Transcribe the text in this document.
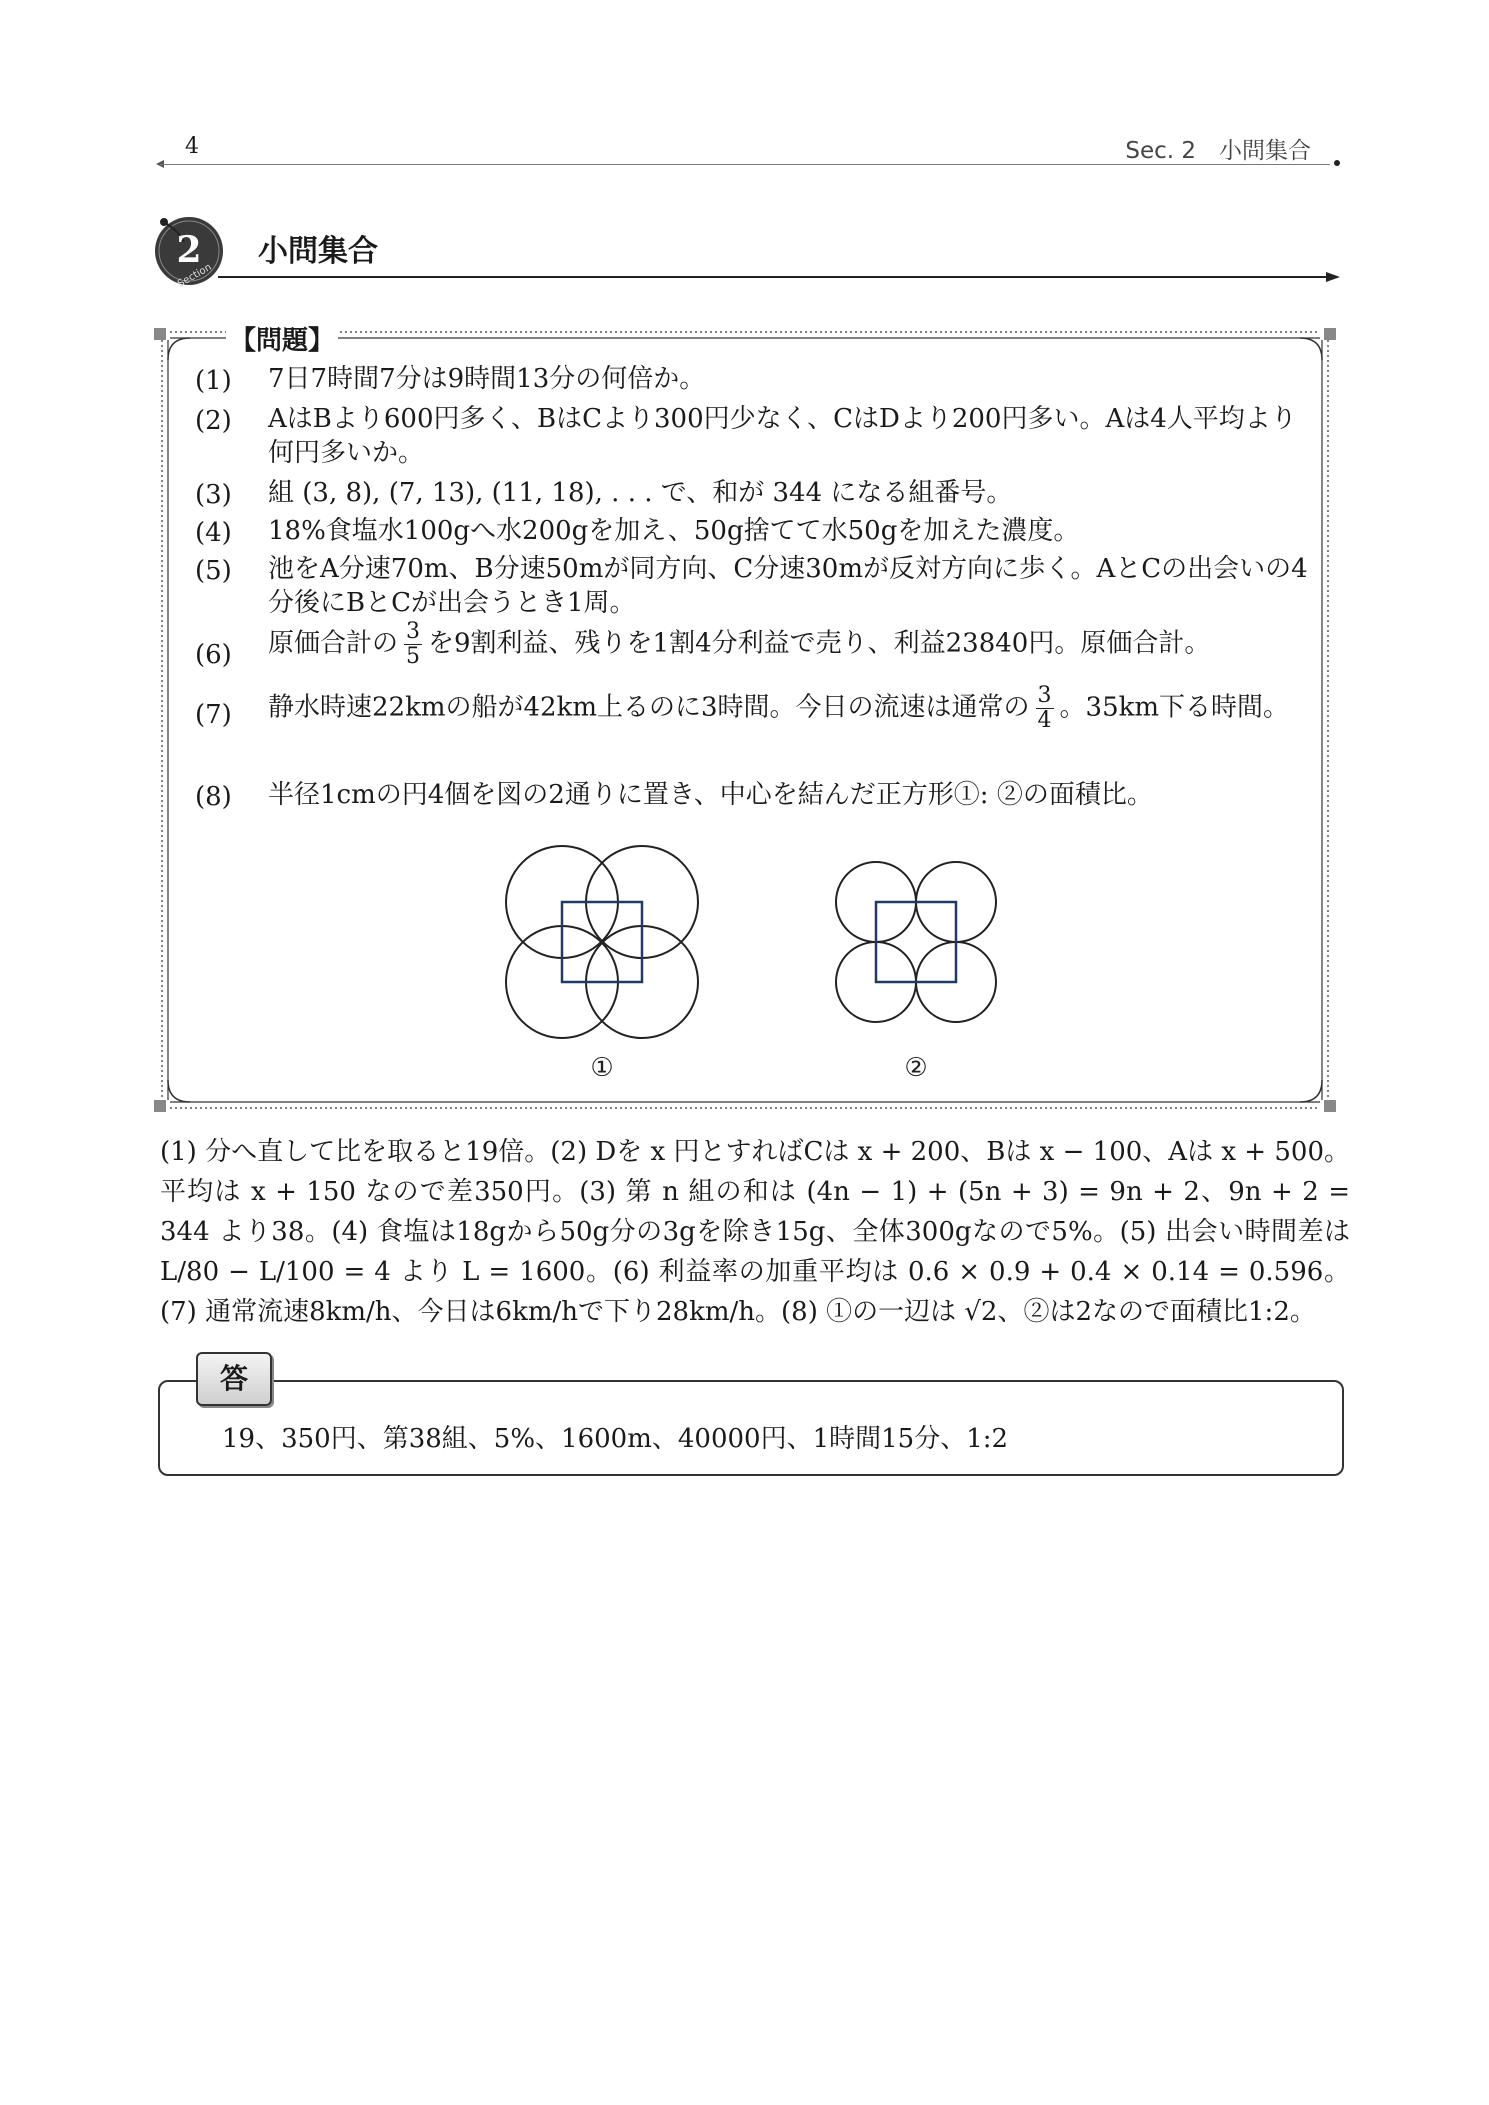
4	Sec. 2　小問集合
2
Section
小問集合
【問題】
(1) 7日7時間7分は9時間13分の何倍か。
(2) AはBより600円多く、BはCより300円少なく、CはDより200円多い。Aは4人平均より何円多いか。
(3) 組 (3, 8), (7, 13), (11, 18), . . . で、和が 344 になる組番号。
(4) 18%食塩水100gへ水200gを加え、50g捨てて水50gを加えた濃度。
(5) 池をA分速70m、B分速50mが同方向、C分速30mが反対方向に歩く。AとCの出会いの4分後にBとCが出会うとき1周。
(6) 原価合計の $\frac{3}{5}$ を9割利益、残りを1割4分利益で売り、利益23840円。原価合計。
(7) 静水時速22kmの船が42km上るのに3時間。今日の流速は通常の $\frac{3}{4}$ 。35km下る時間。
(8) 半径1cmの円4個を図の2通りに置き、中心を結んだ正方形①: ②の面積比。
①	②
(1) 分へ直して比を取ると19倍。(2) Dを x 円とすればCは x + 200、Bは x − 100、Aは x + 500。平均は x + 150 なので差350円。(3) 第 n 組の和は (4n − 1) + (5n + 3) = 9n + 2、9n + 2 = 344 より38。(4) 食塩は18gから50g分の3gを除き15g、全体300gなので5%。(5) 出会い時間差は L/80 − L/100 = 4 より L = 1600。(6) 利益率の加重平均は 0.6 × 0.9 + 0.4 × 0.14 = 0.596。(7) 通常流速8km/h、今日は6km/hで下り28km/h。(8) ①の一辺は √2、②は2なので面積比1:2。
答
19、350円、第38組、5%、1600m、40000円、1時間15分、1:2
